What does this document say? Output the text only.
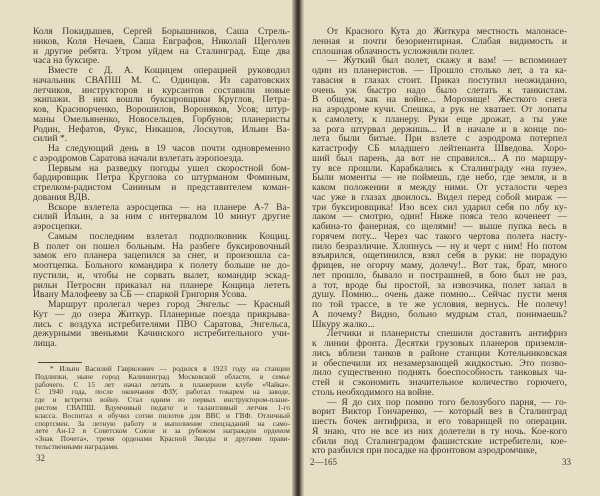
Коля Покидышев, Сергей Борышников, Саша Стрель-
ников, Коля Нечаев, Саша Евграфов, Николай Щеголев
и другие ребята. Утром уйдем на Сталинград. Еще два
часа на буксире.
Вместе с Д. А. Кощицем операцией руководил
начальник СВАПШ М. С. Одинцов. Из саратовских
летчиков, инструкторов и курсантов составили новые
экипажи. В них вошли буксировщики Круглов, Петра-
ков, Краснюрченко, Ворошилов, Вороняков, Усов; штур-
маны Омельяненко, Новосельцев, Горбунов; планеристы
Родин, Нефатов, Фукс, Никашов, Лоскутов, Ильин Ва-
силий *.
На следующий день в 19 часов почти одновременно
с аэродромов Саратова начали взлетать аэропоезда.
Первым на разведку погоды ушел скоростной бом-
бардировщик Петра Круглова со штурманом Фоминым,
стрелком-радистом Саниным и представителем коман-
дования ВДВ.
Вскоре взлетела аэросцепка — на планере А-7 Ва-
силий Ильин, а за ним с интервалом 10 минут другие
аэросцепки.
Самым последним взлетал подполковник Кощиц.
В полет он пошел больным. На разбеге буксировочный
замок его планера зацепился за снег, и произошла са-
моотцепка. Больного командира к полету больше не до-
пустили, и, чтобы не сорвать вылет, командир эскад-
рильи Петросян приказал на планере Кощица лететь
Ивану Малофееву за СБ — спаркой Григория Усова.
Маршрут пролегал через город Энгельс — Красный
Кут — до озера Житкур. Планерные поезда прикрыва-
лись с воздуха истребителями ПВО Саратова, Энгельса,
дежурными звеньями Качинского истребительного учи-
лища.
* Ильин Василий Гаврилович — родился в 1923 году на станции
Подлипки, ныне город Калининград Московской области, в семье
рабочего. С 15 лет начал летать в планерном клубе «Чайка».
С 1940 года, после окончания ФЗУ, работал токарем на заводе,
где и встретил войну. Стал одним из первых инструктором-плане-
ристом СВАПШ. Вдумчивый педагог и талантливый летчик 1-го
класса. Воспитал и обучил сотни пилотов для ВВС и ГВФ. Отличный
спортсмен. За летную работу и выполнение спецзаданий на само-
лете Ан-12 в Советском Союзе и за рубежом награжден орденом
«Знак Почета», тремя орденами Красной Звезды и другими прави-
тельственными наградами.
32
От Красного Кута до Житкура местность малонасе-
ленная и почти безориентирная. Слабая видимость и
сплошная облачность усложняли полет.
— Жуткий был полет, скажу я вам! — вспоминает
один из планеристов. — Прошло столько лет, а та ка-
тавасия в глазах стоит. Приказ поступил неожиданно,
очень уж быстро надо было слетать к танкистам.
В общем, как на войне... Морозище! Жесткого снега
на аэродроме кучи. Спешка, а рук не хватает. От лопаты
к самолету, к планеру. Руки еще дрожат, а ты уже
за рога штурвал держишь... И в начале и в конце по-
лета были битые. При взлете с аэродрома потерпел
катастрофу СБ младшего лейтенанта Шведова. Хоро-
ший был парень, да вот не справился... А по маршру-
ту все прошли. Карабкались к Сталинграду «на пузе».
Были моменты — не поймешь, где небо, где земля, и в
каком положении я между ними. От усталости через
час уже в глазах двоилось. Видел перед собой мираж —
три буксировщика! Изо всех сил ударил себя по лбу ку-
лаком — смотрю, один! Ниже пояса тело коченеет —
кабина-то фанерная, со щелями! — выше пупка весь в
горячем поту... Через час такого чертова полета насту-
пило безразличие. Хлопнусь — ну и черт с ним! Но потом
взъярился, ощетинился, взял себя в руки: не порадую
фрицев, не огорчу маму, долечу!.. Вот так, брат, много
лет прошло, бывало и пострашней, в бою был не раз,
а тот, вроде бы простой, за извозчика, полет запал в
душу. Помню... очень даже помню... Сейчас пусти меня
по той трассе, в те же условия, вернусь. Не полечу!
А почему? Видно, больно мудрым стал, понимаешь?
Шкуру жалко...
Летчики и планеристы спешили доставить антифриз
к линии фронта. Десятки грузовых планеров приземля-
лись вблизи танков в районе станции Котельниковская
и обеспечили их незамерзающей жидкостью. Это позво-
лило существенно поднять боеспособность танковых ча-
стей и сэкономить значительное количество горючего,
столь необходимого на войне.
— Я до сих пор помню того белозубого парня, — го-
ворит Виктор Гончаренко, — который вез в Сталинград
шесть бочек антифриза, и его товарищей по операции.
Я знаю, что не все из них долетели в ту ночь. Кое-кого
сбили под Сталинградом фашистские истребители, кое-
кто разбился при посадке на фронтовом аэродромчике,
2—165	33
